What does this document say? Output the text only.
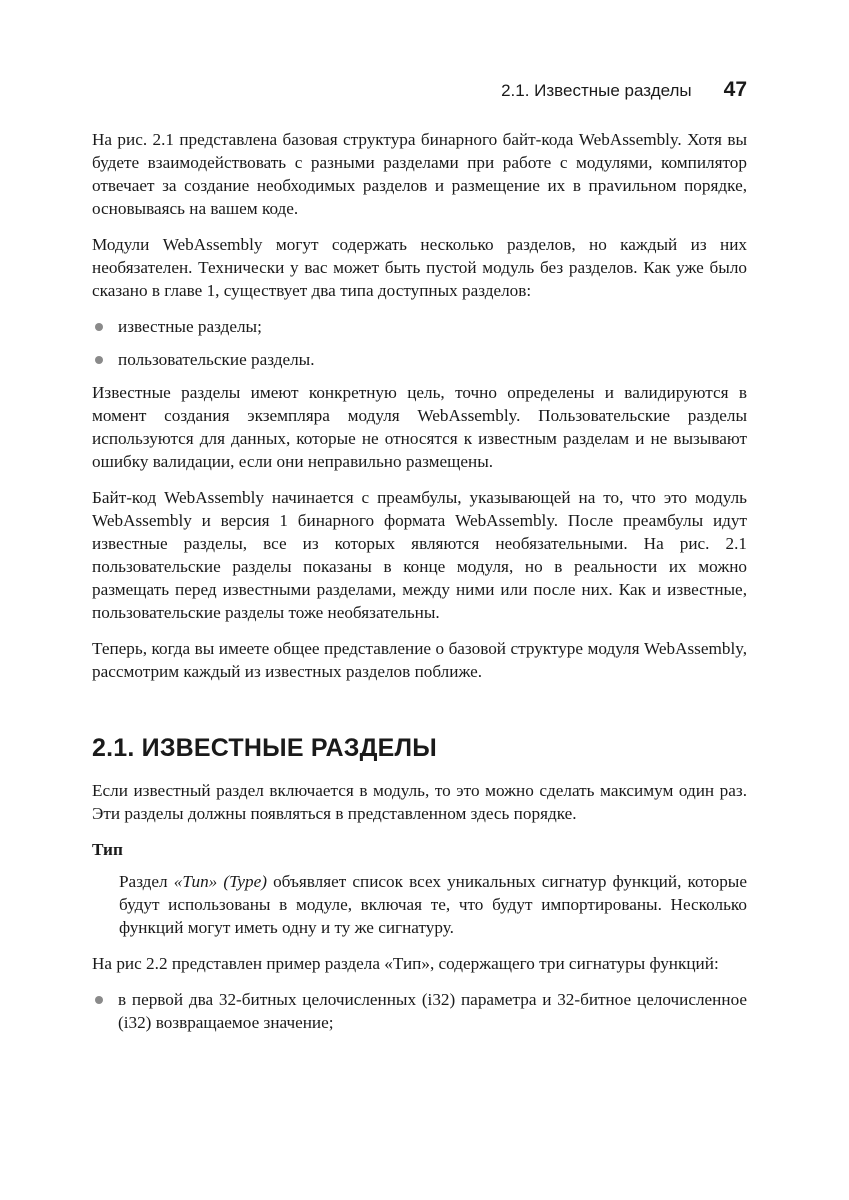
2.1. Известные разделы 47

На рис. 2.1 представлена базовая структура бинарного байт-кода WebAssembly. Хотя вы будете взаимодействовать с разными разделами при работе с модулями, компилятор отвечает за создание необходимых разделов и размещение их в праvильном порядке, основываясь на вашем коде.

Модули WebAssembly могут содержать несколько разделов, но каждый из них необязателен. Технически у вас может быть пустой модуль без разделов. Как уже было сказано в главе 1, существует два типа доступных разделов:

известные разделы;
пользовательские разделы.

Известные разделы имеют конкретную цель, точно определены и валидируются в момент создания экземпляра модуля WebAssembly. Пользовательские разделы используются для данных, которые не относятся к известным разделам и не вызывают ошибку валидации, если они неправильно размещены.

Байт-код WebAssembly начинается с преамбулы, указывающей на то, что это модуль WebAssembly и версия 1 бинарного формата WebAssembly. После преамбулы идут известные разделы, все из которых являются необязательными. На рис. 2.1 пользовательские разделы показаны в конце модуля, но в реальности их можно размещать перед известными разделами, между ними или после них. Как и известные, пользовательские разделы тоже необязательны.

Теперь, когда вы имеете общее представление о базовой структуре модуля WebAssembly, рассмотрим каждый из известных разделов поближе.

2.1. ИЗВЕСТНЫЕ РАЗДЕЛЫ

Если известный раздел включается в модуль, то это можно сделать максимум один раз. Эти разделы должны появляться в представленном здесь порядке.

Тип

Раздел «Тип» (Type) объявляет список всех уникальных сигнатур функций, которые будут использованы в модуле, включая те, что будут импортированы. Несколько функций могут иметь одну и ту же сигнатуру.

На рис 2.2 представлен пример раздела «Тип», содержащего три сигнатуры функций:

в первой два 32-битных целочисленных (i32) параметра и 32-битное целочисленное (i32) возвращаемое значение;
